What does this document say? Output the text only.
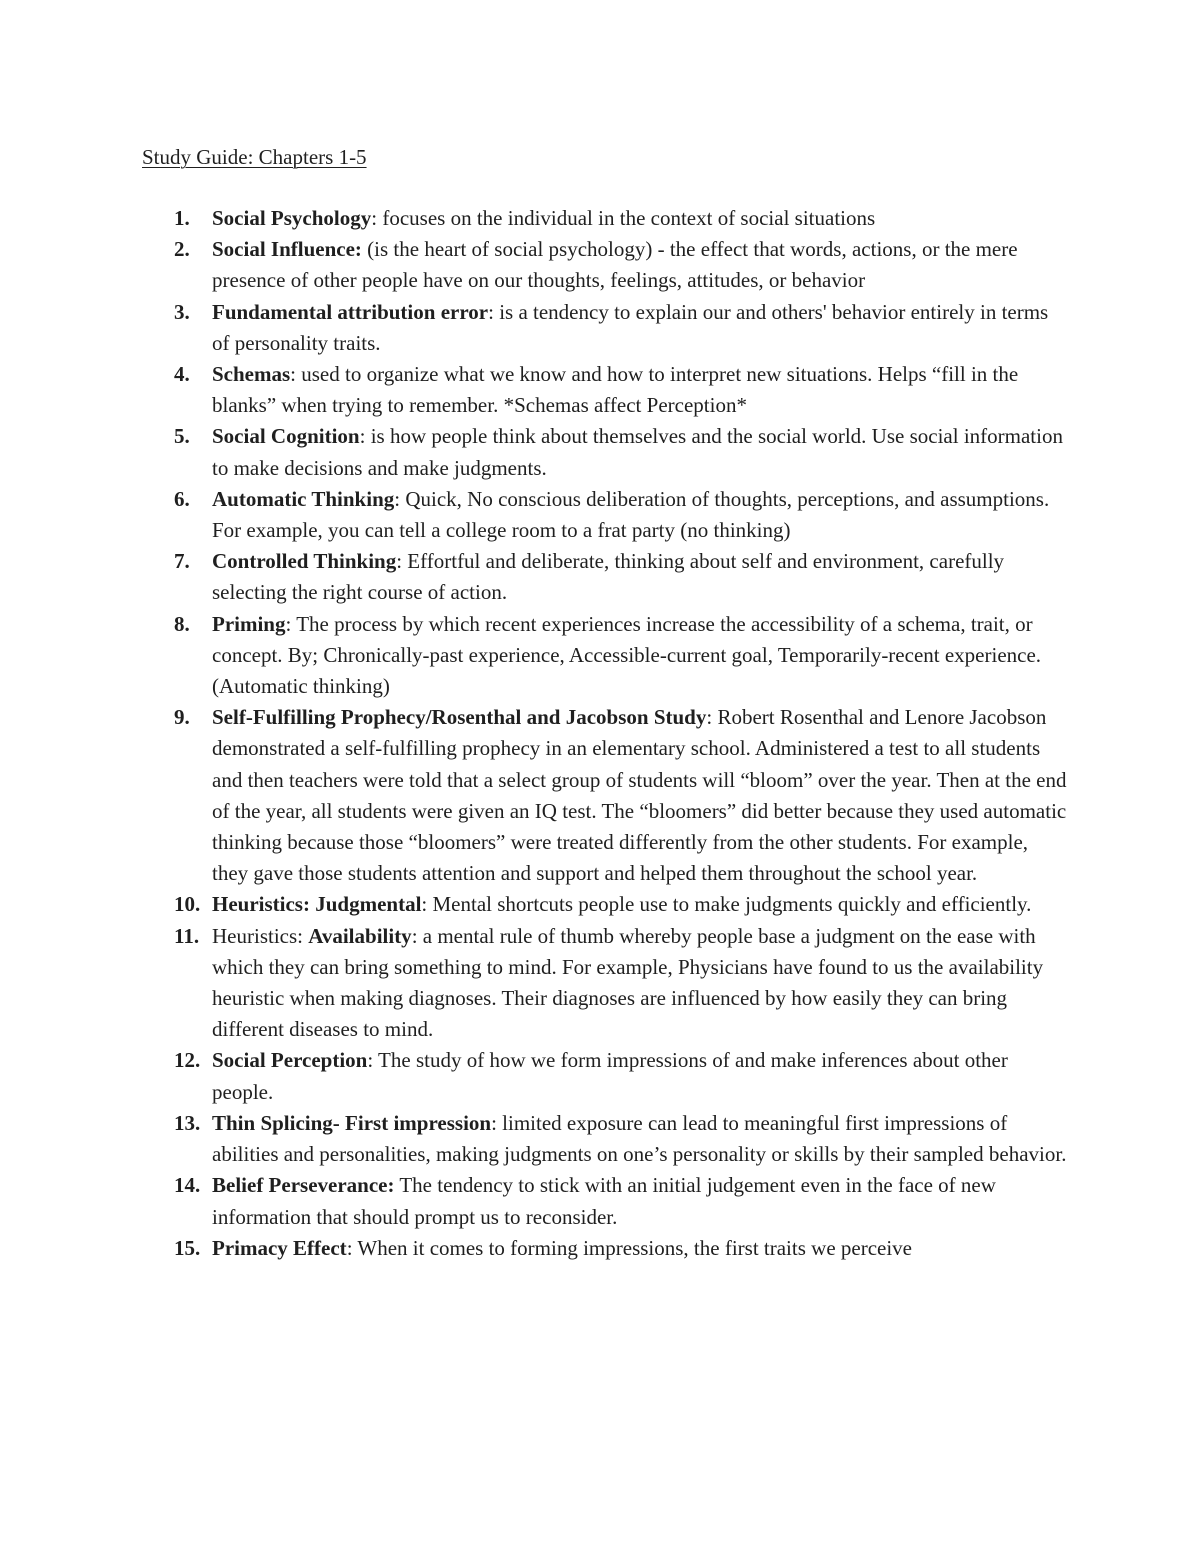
Study Guide: Chapters 1-5
1. Social Psychology: focuses on the individual in the context of social situations
2. Social Influence: (is the heart of social psychology) - the effect that words, actions, or the mere presence of other people have on our thoughts, feelings, attitudes, or behavior
3. Fundamental attribution error: is a tendency to explain our and others' behavior entirely in terms of personality traits.
4. Schemas: used to organize what we know and how to interpret new situations. Helps “fill in the blanks” when trying to remember. *Schemas affect Perception*
5. Social Cognition: is how people think about themselves and the social world. Use social information to make decisions and make judgments.
6. Automatic Thinking: Quick, No conscious deliberation of thoughts, perceptions, and assumptions. For example, you can tell a college room to a frat party (no thinking)
7. Controlled Thinking: Effortful and deliberate, thinking about self and environment, carefully selecting the right course of action.
8. Priming: The process by which recent experiences increase the accessibility of a schema, trait, or concept. By; Chronically-past experience, Accessible-current goal, Temporarily-recent experience. (Automatic thinking)
9. Self-Fulfilling Prophecy/Rosenthal and Jacobson Study: Robert Rosenthal and Lenore Jacobson demonstrated a self-fulfilling prophecy in an elementary school. Administered a test to all students and then teachers were told that a select group of students will “bloom” over the year. Then at the end of the year, all students were given an IQ test. The “bloomers” did better because they used automatic thinking because those “bloomers” were treated differently from the other students. For example, they gave those students attention and support and helped them throughout the school year.
10. Heuristics: Judgmental: Mental shortcuts people use to make judgments quickly and efficiently.
11. Heuristics: Availability: a mental rule of thumb whereby people base a judgment on the ease with which they can bring something to mind. For example, Physicians have found to us the availability heuristic when making diagnoses. Their diagnoses are influenced by how easily they can bring different diseases to mind.
12. Social Perception: The study of how we form impressions of and make inferences about other people.
13. Thin Splicing- First impression: limited exposure can lead to meaningful first impressions of abilities and personalities, making judgments on one’s personality or skills by their sampled behavior.
14. Belief Perseverance: The tendency to stick with an initial judgement even in the face of new information that should prompt us to reconsider.
15. Primacy Effect: When it comes to forming impressions, the first traits we perceive
